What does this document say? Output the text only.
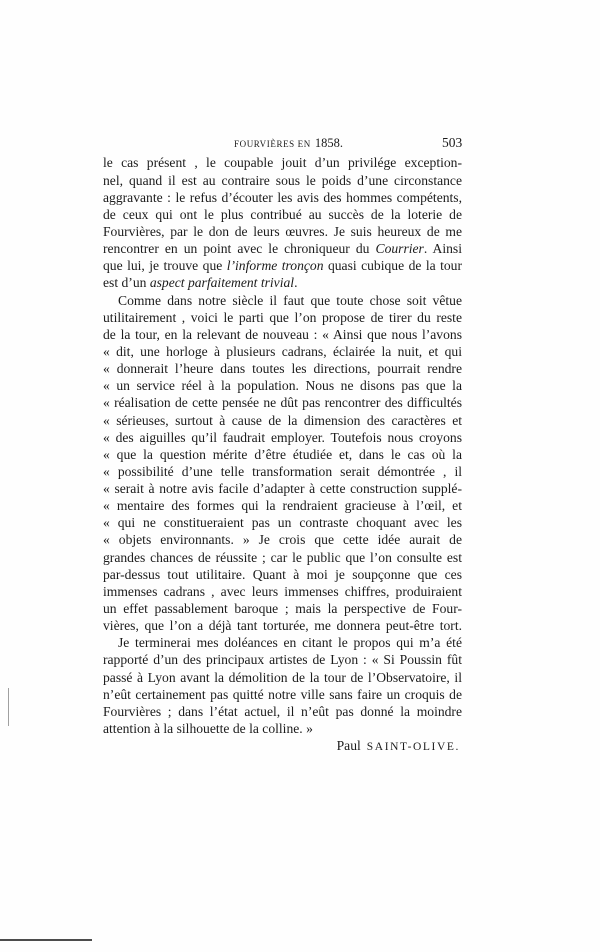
FOURVIÈRES EN 1858.	503
le cas présent , le coupable jouit d’un privilége exception-
nel, quand il est au contraire sous le poids d’une circonstance
aggravante : le refus d’écouter les avis des hommes compétents,
de ceux qui ont le plus contribué au succès de la loterie de
Fourvières, par le don de leurs œuvres. Je suis heureux de me
rencontrer en un point avec le chroniqueur du Courrier. Ainsi
que lui, je trouve que l’informe tronçon quasi cubique de la tour
est d’un aspect parfaitement trivial.
Comme dans notre siècle il faut que toute chose soit vêtue
utilitairement , voici le parti que l’on propose de tirer du reste
de la tour, en la relevant de nouveau : « Ainsi que nous l’avons
« dit, une horloge à plusieurs cadrans, éclairée la nuit, et qui
« donnerait l’heure dans toutes les directions, pourrait rendre
« un service réel à la population. Nous ne disons pas que la
« réalisation de cette pensée ne dût pas rencontrer des difficultés
« sérieuses, surtout à cause de la dimension des caractères et
« des aiguilles qu’il faudrait employer. Toutefois nous croyons
« que la question mérite d’être étudiée et, dans le cas où la
« possibilité d’une telle transformation serait démontrée , il
« serait à notre avis facile d’adapter à cette construction supplé-
« mentaire des formes qui la rendraient gracieuse à l’œil, et
« qui ne constitueraient pas un contraste choquant avec les
« objets environnants. » Je crois que cette idée aurait de
grandes chances de réussite ; car le public que l’on consulte est
par-dessus tout utilitaire. Quant à moi je soupçonne que ces
immenses cadrans , avec leurs immenses chiffres, produiraient
un effet passablement baroque ; mais la perspective de Four-
vières, que l’on a déjà tant torturée, me donnera peut-être tort.
Je terminerai mes doléances en citant le propos qui m’a été
rapporté d’un des principaux artistes de Lyon : « Si Poussin fût
passé à Lyon avant la démolition de la tour de l’Observatoire, il
n’eût certainement pas quitté notre ville sans faire un croquis de
Fourvières ; dans l’état actuel, il n’eût pas donné la moindre
attention à la silhouette de la colline. »
Paul SAINT-OLIVE.
